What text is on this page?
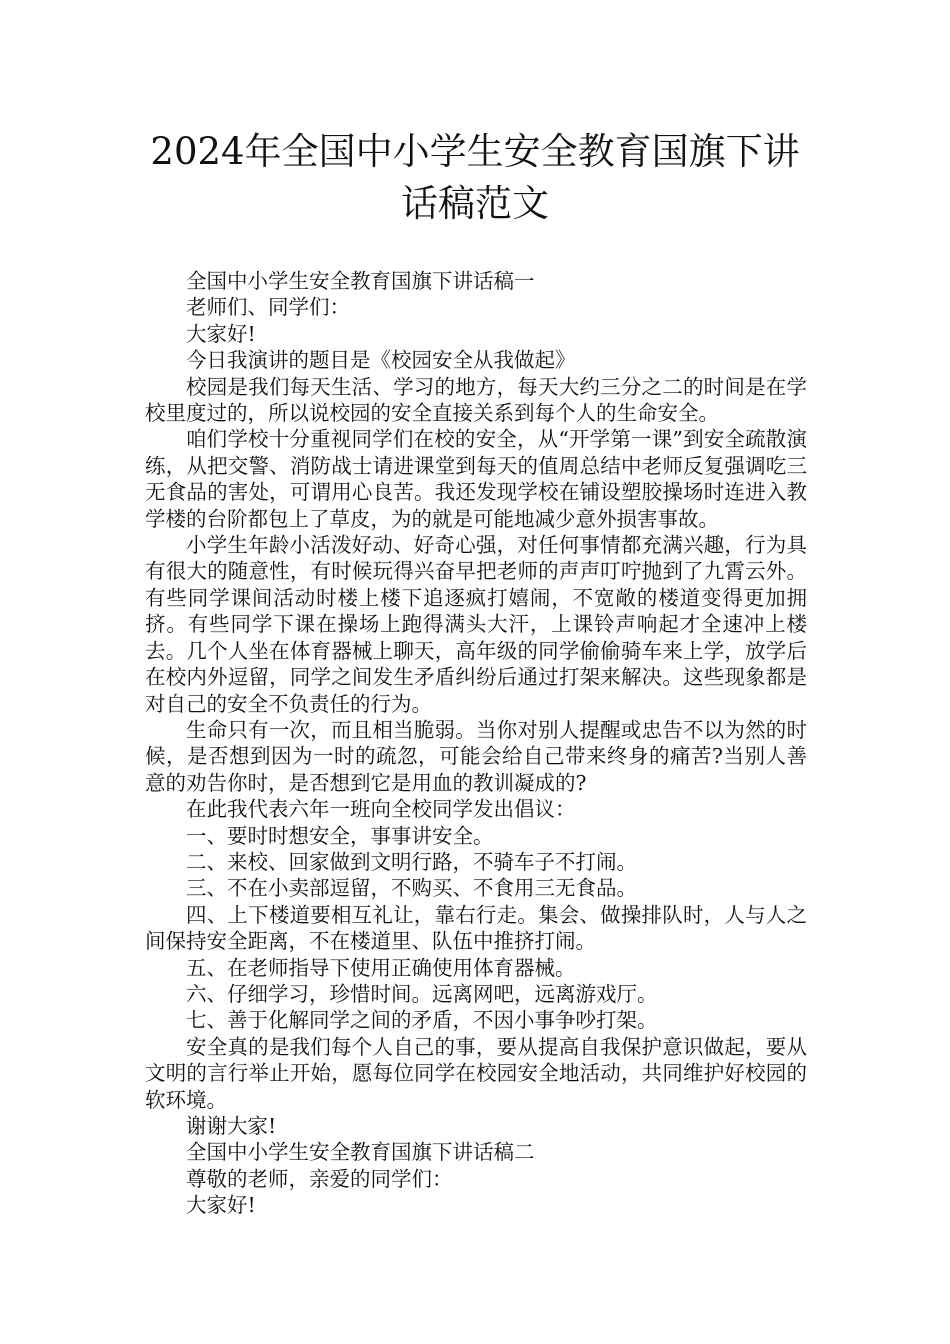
2024年全国中小学生安全教育国旗下讲话稿范文

全国中小学生安全教育国旗下讲话稿一

老师们、同学们：

大家好!

今日我演讲的题目是《校园安全从我做起》

校园是我们每天生活、学习的地方，每天大约三分之二的时间是在学校里度过的，所以说校园的安全直接关系到每个人的生命安全。

咱们学校十分重视同学们在校的安全，从“开学第一课”到安全疏散演练，从把交警、消防战士请进课堂到每天的值周总结中老师反复强调吃三无食品的害处，可谓用心良苦。我还发现学校在铺设塑胶操场时连进入教学楼的台阶都包上了草皮，为的就是可能地减少意外损害事故。

小学生年龄小活泼好动、好奇心强，对任何事情都充满兴趣，行为具有很大的随意性，有时候玩得兴奋早把老师的声声叮咛抛到了九霄云外。有些同学课间活动时楼上楼下追逐疯打嬉闹，不宽敞的楼道变得更加拥挤。有些同学下课在操场上跑得满头大汗，上课铃声响起才全速冲上楼去。几个人坐在体育器械上聊天，高年级的同学偷偷骑车来上学，放学后在校内外逗留，同学之间发生矛盾纠纷后通过打架来解决。这些现象都是对自己的安全不负责任的行为。

生命只有一次，而且相当脆弱。当你对别人提醒或忠告不以为然的时候，是否想到因为一时的疏忽，可能会给自己带来终身的痛苦?当别人善意的劝告你时，是否想到它是用血的教训凝成的?

在此我代表六年一班向全校同学发出倡议：

一、要时时想安全，事事讲安全。

二、来校、回家做到文明行路，不骑车子不打闹。

三、不在小卖部逗留，不购买、不食用三无食品。

四、上下楼道要相互礼让，靠右行走。集会、做操排队时，人与人之间保持安全距离，不在楼道里、队伍中推挤打闹。

五、在老师指导下使用正确使用体育器械。

六、仔细学习，珍惜时间。远离网吧，远离游戏厅。

七、善于化解同学之间的矛盾，不因小事争吵打架。

安全真的是我们每个人自己的事，要从提高自我保护意识做起，要从文明的言行举止开始，愿每位同学在校园安全地活动，共同维护好校园的软环境。

谢谢大家!

全国中小学生安全教育国旗下讲话稿二

尊敬的老师，亲爱的同学们：

大家好!
